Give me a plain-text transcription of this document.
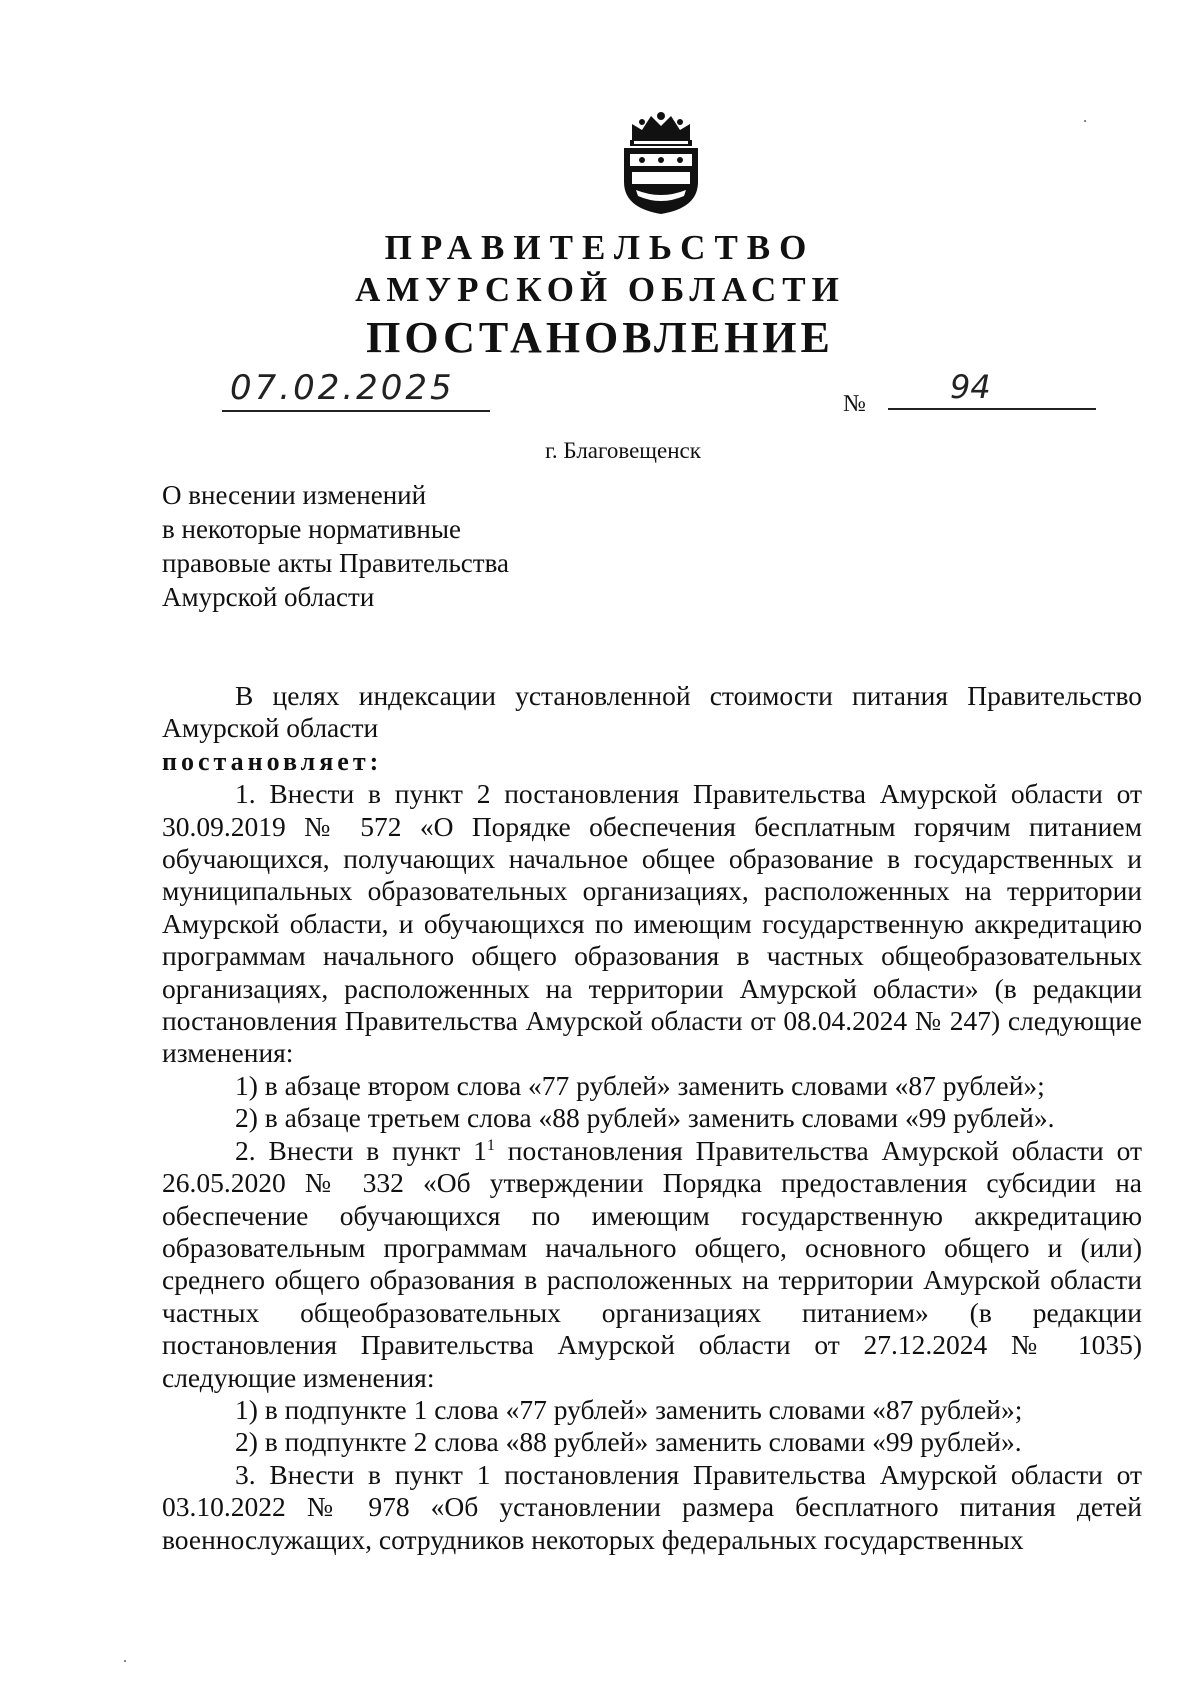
ПРАВИТЕЛЬСТВО
АМУРСКОЙ ОБЛАСТИ
ПОСТАНОВЛЕНИЕ
07.02.2025	№	94
г. Благовещенск
О внесении изменений
в некоторые нормативные
правовые акты Правительства
Амурской области

В целях индексации установленной стоимости питания Правительство Амурской области

постановляет:

1. Внести в пункт 2 постановления Правительства Амурской области от 30.09.2019 № 572 «О Порядке обеспечения бесплатным горячим питанием обучающихся, получающих начальное общее образование в государственных и муниципальных образовательных организациях, расположенных на территории Амурской области, и обучающихся по имеющим государственную аккредитацию программам начального общего образования в частных общеобразовательных организациях, расположенных на территории Амурской области» (в редакции постановления Правительства Амурской области от 08.04.2024 № 247) следующие изменения:

1) в абзаце втором слова «77 рублей» заменить словами «87 рублей»;

2) в абзаце третьем слова «88 рублей» заменить словами «99 рублей».

2. Внести в пункт $1^1$ постановления Правительства Амурской области от 26.05.2020 № 332 «Об утверждении Порядка предоставления субсидии на обеспечение обучающихся по имеющим государственную аккредитацию образовательным программам начального общего, основного общего и (или) среднего общего образования в расположенных на территории Амурской области частных общеобразовательных организациях питанием» (в редакции постановления Правительства Амурской области от 27.12.2024 № 1035) следующие изменения:

1) в подпункте 1 слова «77 рублей» заменить словами «87 рублей»;

2) в подпункте 2 слова «88 рублей» заменить словами «99 рублей».

3. Внести в пункт 1 постановления Правительства Амурской области от 03.10.2022 № 978 «Об установлении размера бесплатного питания детей военнослужащих, сотрудников некоторых федеральных государственных
